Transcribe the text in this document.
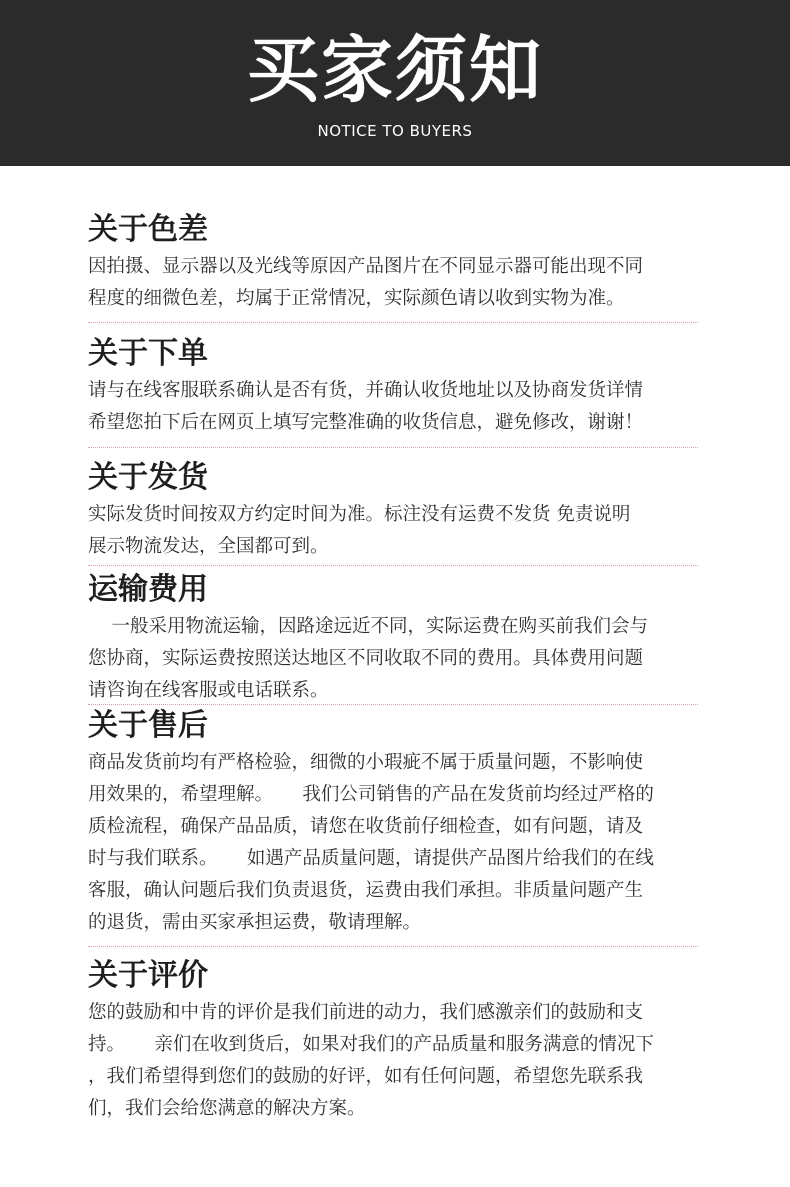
买家须知
NOTICE TO BUYERS
关于色差
因拍摄、显示器以及光线等原因产品图片在不同显示器可能出现不同
程度的细微色差，均属于正常情况，实际颜色请以收到实物为准。
关于下单
请与在线客服联系确认是否有货，并确认收货地址以及协商发货详情
希望您拍下后在网页上填写完整准确的收货信息，避免修改，谢谢！
关于发货
实际发货时间按双方约定时间为准。标注没有运费不发货 免责说明
展示物流发达，全国都可到。
运输费用
一般采用物流运输，因路途远近不同，实际运费在购买前我们会与
您协商，实际运费按照送达地区不同收取不同的费用。具体费用问题
请咨询在线客服或电话联系。
关于售后
商品发货前均有严格检验，细微的小瑕疵不属于质量问题，不影响使
用效果的，希望理解。     我们公司销售的产品在发货前均经过严格的
质检流程，确保产品品质，请您在收货前仔细检查，如有问题，请及
时与我们联系。     如遇产品质量问题，请提供产品图片给我们的在线
客服，确认问题后我们负责退货，运费由我们承担。非质量问题产生
的退货，需由买家承担运费，敬请理解。
关于评价
您的鼓励和中肯的评价是我们前进的动力，我们感激亲们的鼓励和支
持。     亲们在收到货后，如果对我们的产品质量和服务满意的情况下
，我们希望得到您们的鼓励的好评，如有任何问题，希望您先联系我
们，我们会给您满意的解决方案。
